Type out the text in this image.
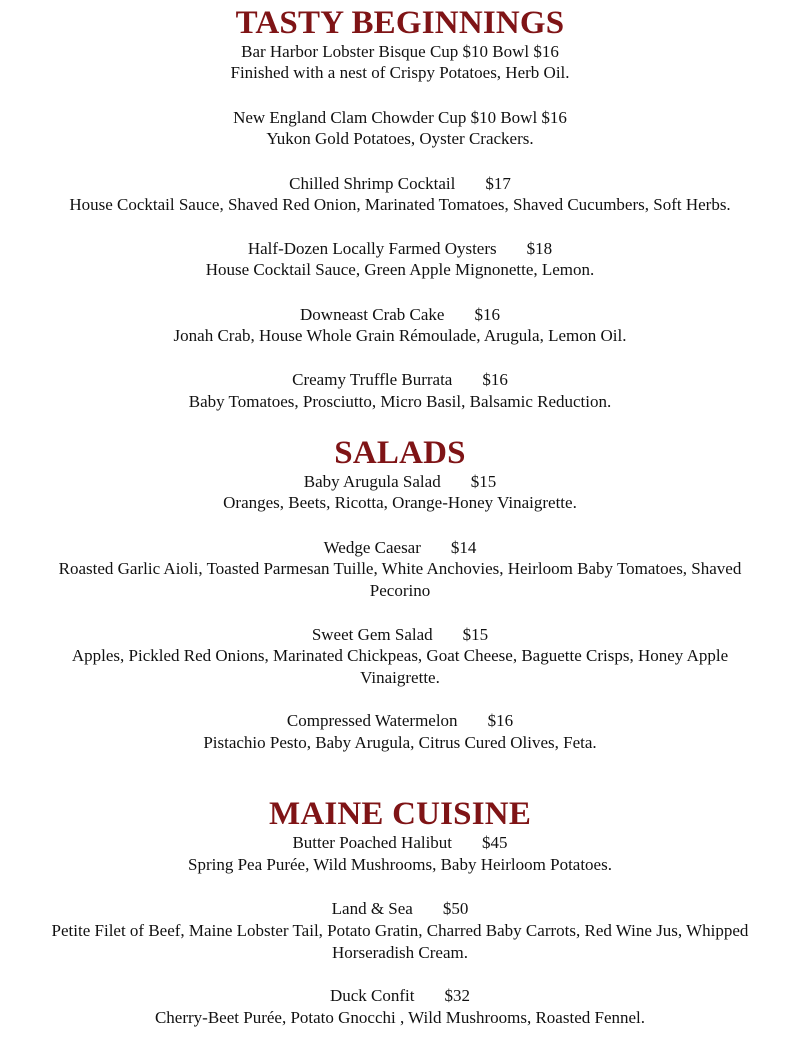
TASTY BEGINNINGS
Bar Harbor Lobster Bisque Cup $10 Bowl $16
Finished with a nest of Crispy Potatoes, Herb Oil.
New England Clam Chowder Cup $10 Bowl $16
Yukon Gold Potatoes, Oyster Crackers.
Chilled Shrimp Cocktail $17
House Cocktail Sauce, Shaved Red Onion, Marinated Tomatoes, Shaved Cucumbers, Soft Herbs.
Half-Dozen Locally Farmed Oysters $18
House Cocktail Sauce, Green Apple Mignonette, Lemon.
Downeast Crab Cake $16
Jonah Crab, House Whole Grain Rémoulade, Arugula, Lemon Oil.
Creamy Truffle Burrata $16
Baby Tomatoes, Prosciutto, Micro Basil, Balsamic Reduction.
SALADS
Baby Arugula Salad $15
Oranges, Beets, Ricotta, Orange-Honey Vinaigrette.
Wedge Caesar $14
Roasted Garlic Aioli, Toasted Parmesan Tuille, White Anchovies, Heirloom Baby Tomatoes, Shaved
Pecorino
Sweet Gem Salad $15
Apples, Pickled Red Onions, Marinated Chickpeas, Goat Cheese, Baguette Crisps, Honey Apple
Vinaigrette.
Compressed Watermelon $16
Pistachio Pesto, Baby Arugula, Citrus Cured Olives, Feta.
MAINE CUISINE
Butter Poached Halibut $45
Spring Pea Purée, Wild Mushrooms, Baby Heirloom Potatoes.
Land & Sea $50
Petite Filet of Beef, Maine Lobster Tail, Potato Gratin, Charred Baby Carrots, Red Wine Jus, Whipped
Horseradish Cream.
Duck Confit $32
Cherry-Beet Purée, Potato Gnocchi , Wild Mushrooms, Roasted Fennel.
